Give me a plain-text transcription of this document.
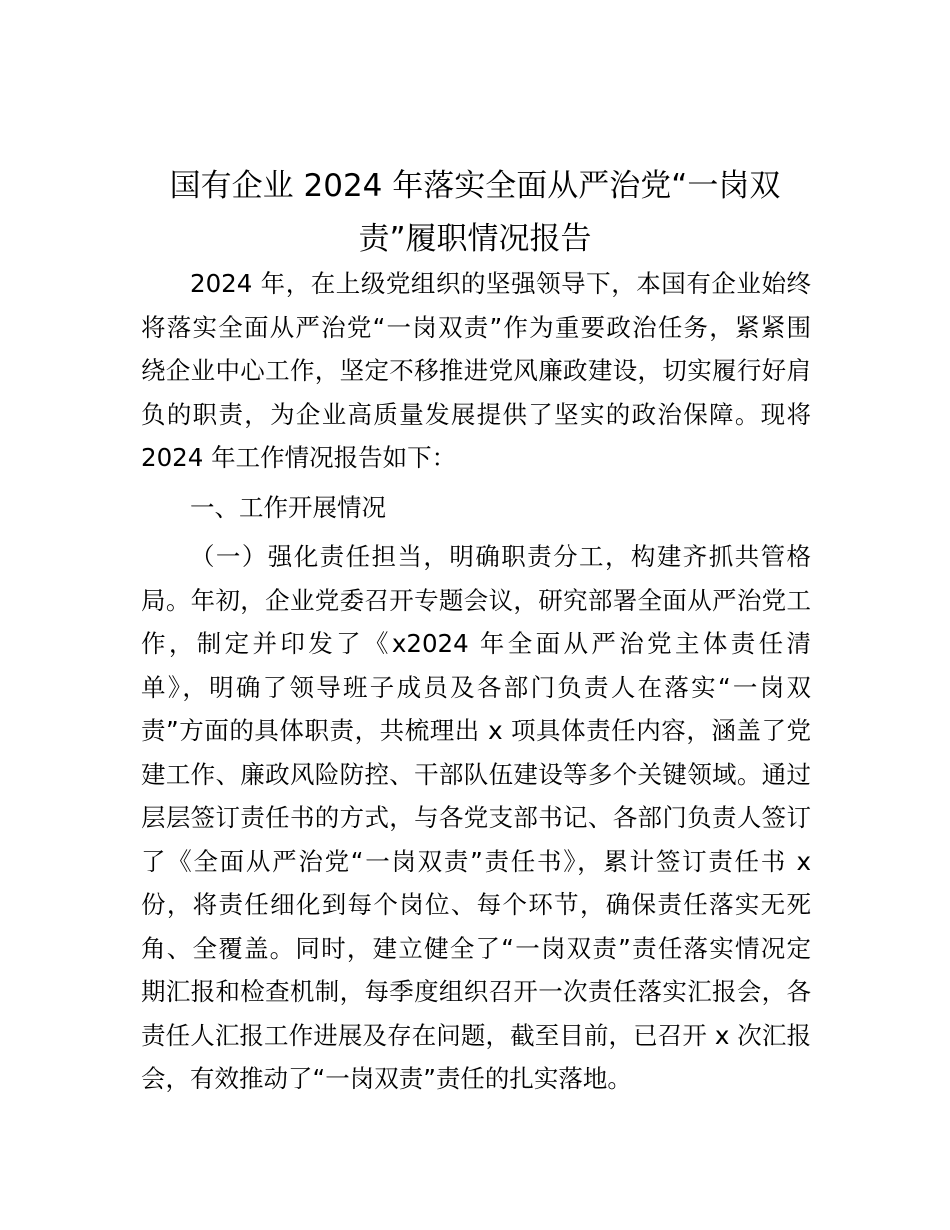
国有企业 2024 年落实全面从严治党“一岗双
责”履职情况报告
2024 年，在上级党组织的坚强领导下，本国有企业始终
将落实全面从严治党“一岗双责”作为重要政治任务，紧紧围
绕企业中心工作，坚定不移推进党风廉政建设，切实履行好肩
负的职责，为企业高质量发展提供了坚实的政治保障。现将
2024 年工作情况报告如下：
一、工作开展情况
（一）强化责任担当，明确职责分工，构建齐抓共管格
局。年初，企业党委召开专题会议，研究部署全面从严治党工
作，制定并印发了《x2024 年全面从严治党主体责任清
单》，明确了领导班子成员及各部门负责人在落实“一岗双
责”方面的具体职责，共梳理出 x 项具体责任内容，涵盖了党
建工作、廉政风险防控、干部队伍建设等多个关键领域。通过
层层签订责任书的方式，与各党支部书记、各部门负责人签订
了《全面从严治党“一岗双责”责任书》，累计签订责任书 x
份，将责任细化到每个岗位、每个环节，确保责任落实无死
角、全覆盖。同时，建立健全了“一岗双责”责任落实情况定
期汇报和检查机制，每季度组织召开一次责任落实汇报会，各
责任人汇报工作进展及存在问题，截至目前，已召开 x 次汇报
会，有效推动了“一岗双责”责任的扎实落地。
